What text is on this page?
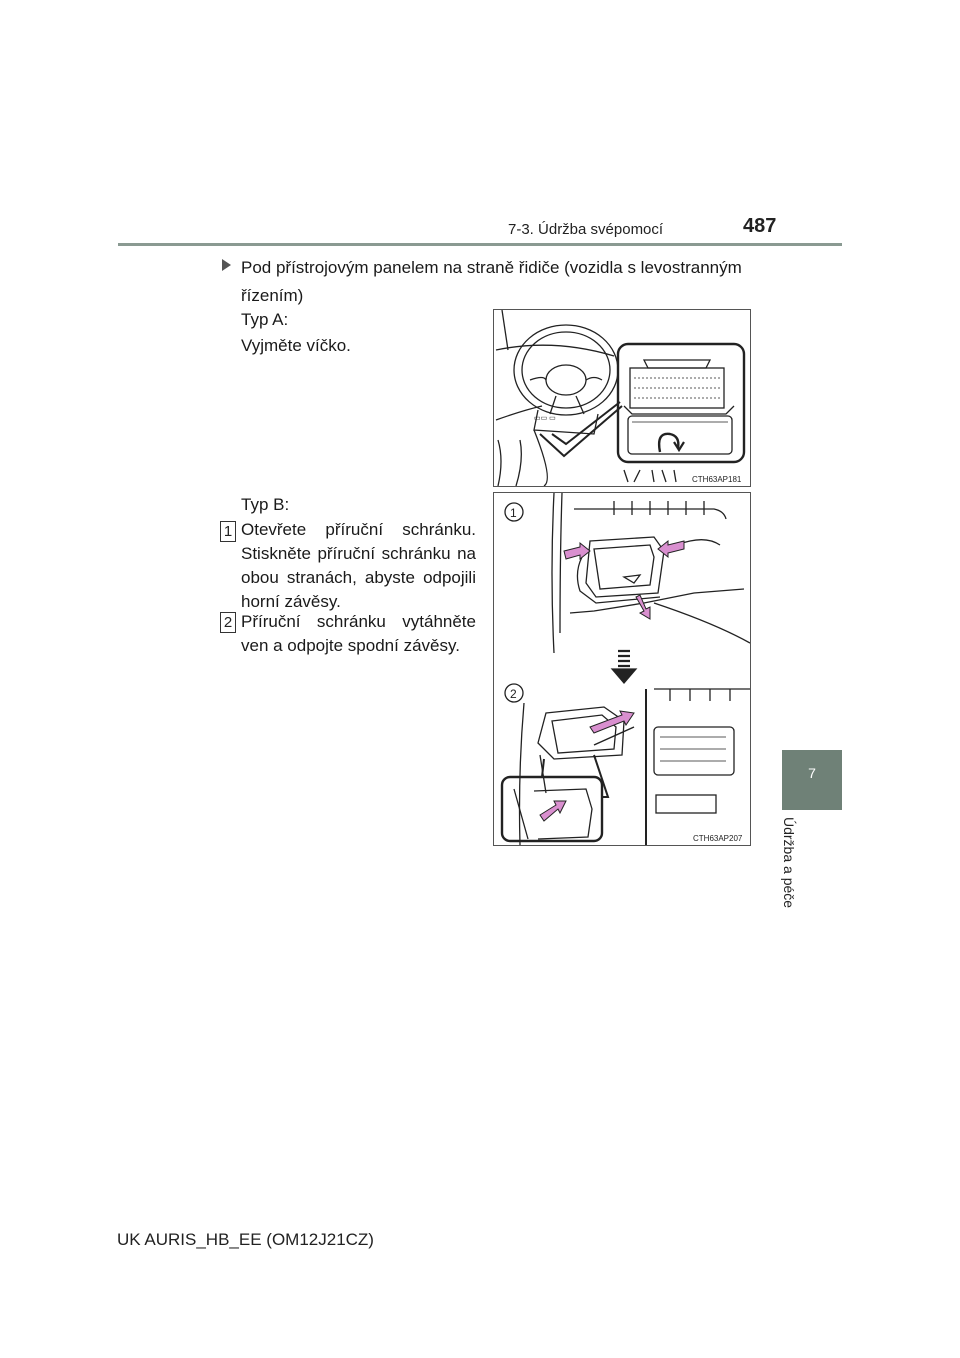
7-3. Údržba svépomocí	487
7
Údržba a péče
Pod přístrojovým panelem na straně řidiče (vozidla s levostranným
řízením)
Typ A:
Vyjměte víčko.
▭▭ ▭
CTH63AP181
Typ B:
1 Otevřete příruční schránku. Stiskněte příruční schránku na obou stranách, abyste odpojili horní závěsy.
2 Příruční schránku vytáhněte ven a odpojte spodní závěsy.
CTH63AP207
1
2
UK AURIS_HB_EE (OM12J21CZ)
